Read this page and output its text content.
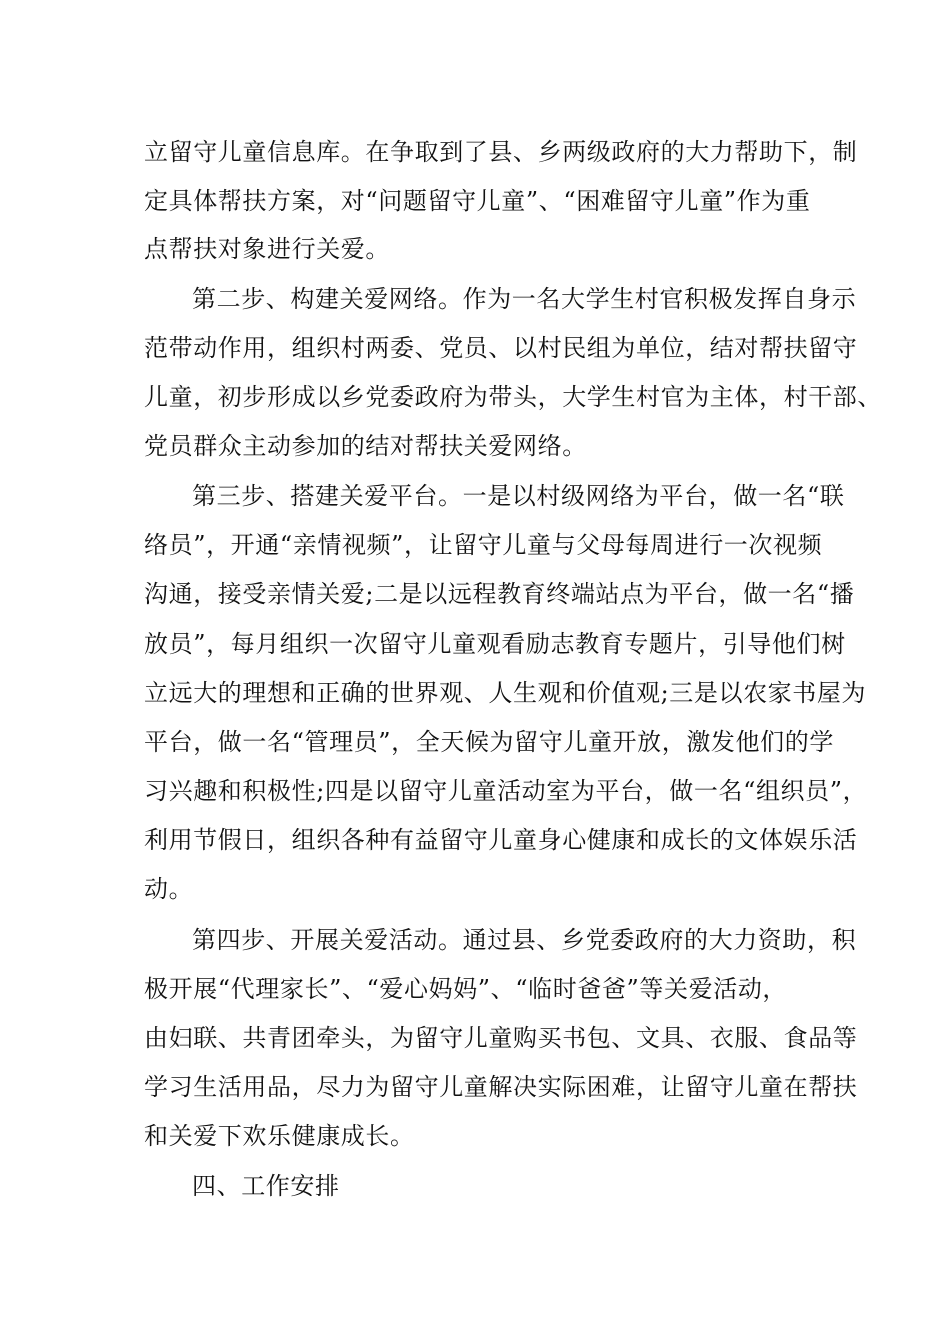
立留守儿童信息库。在争取到了县、乡两级政府的大力帮助下，制

定具体帮扶方案，对“问题留守儿童”、“困难留守儿童”作为重

点帮扶对象进行关爱。

第二步、构建关爱网络。作为一名大学生村官积极发挥自身示

范带动作用，组织村两委、党员、以村民组为单位，结对帮扶留守

儿童，初步形成以乡党委政府为带头，大学生村官为主体，村干部、

党员群众主动参加的结对帮扶关爱网络。

第三步、搭建关爱平台。一是以村级网络为平台，做一名“联

络员”，开通“亲情视频”，让留守儿童与父母每周进行一次视频

沟通，接受亲情关爱;二是以远程教育终端站点为平台，做一名“播

放员”，每月组织一次留守儿童观看励志教育专题片，引导他们树

立远大的理想和正确的世界观、人生观和价值观;三是以农家书屋为

平台，做一名“管理员”，全天候为留守儿童开放，激发他们的学

习兴趣和积极性;四是以留守儿童活动室为平台，做一名“组织员”，

利用节假日，组织各种有益留守儿童身心健康和成长的文体娱乐活

动。

第四步、开展关爱活动。通过县、乡党委政府的大力资助，积

极开展“代理家长”、“爱心妈妈”、“临时爸爸”等关爱活动，

由妇联、共青团牵头，为留守儿童购买书包、文具、衣服、食品等

学习生活用品，尽力为留守儿童解决实际困难，让留守儿童在帮扶

和关爱下欢乐健康成长。

四、工作安排
